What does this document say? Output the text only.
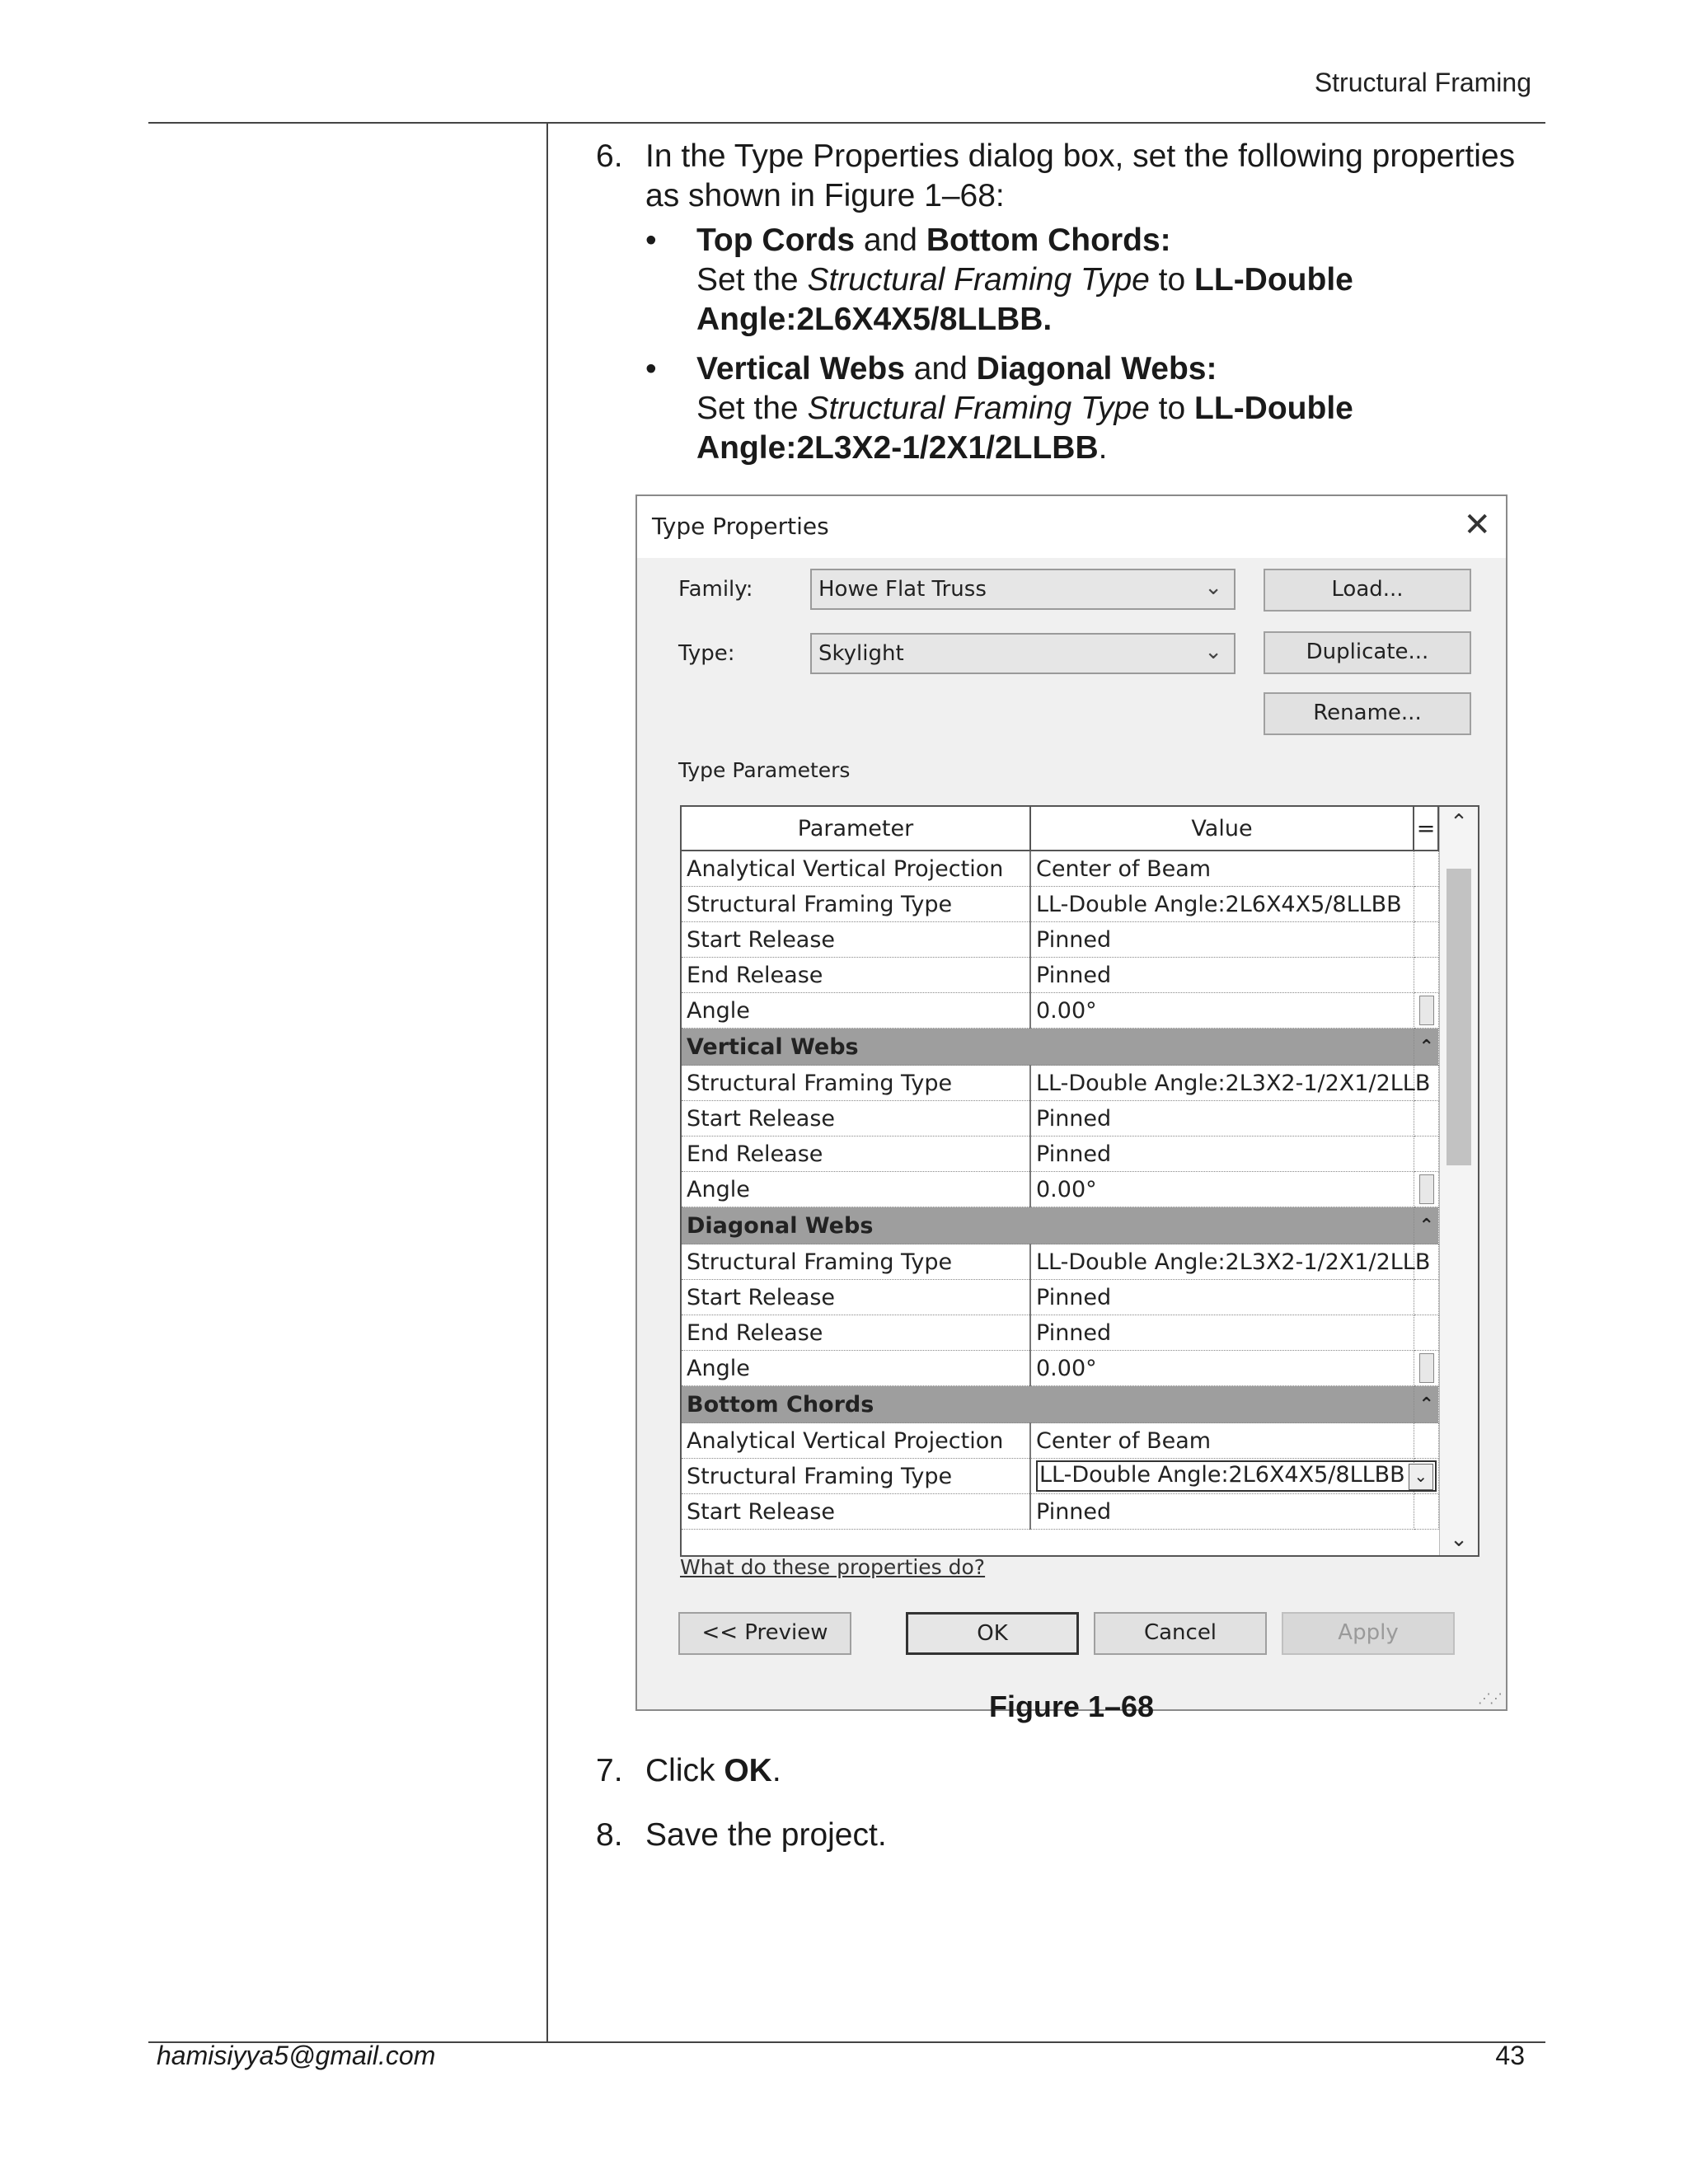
Structural Framing
6. In the Type Properties dialog box, set the following properties as shown in Figure 1–68:
•	Top Cords and Bottom Chords:
Set the Structural Framing Type to LL-Double Angle:2L6X4X5/8LLBB.
•	Vertical Webs and Diagonal Webs:
Set the Structural Framing Type to LL-Double Angle:2L3X2-1/2X1/2LLBB.
Type Properties	✕
Family:	Howe Flat Truss	⌄	Load...
Type:	Skylight	⌄	Duplicate...
Rename...
Type Parameters
Parameter	Value	=
Analytical Vertical Projection	Center of Beam	
Structural Framing Type	LL-Double Angle:2L6X4X5/8LLBB	
Start Release	Pinned	
End Release	Pinned	
Angle	0.00°	
Vertical Webs		⌃
Structural Framing Type	LL-Double Angle:2L3X2-1/2X1/2LLB	
Start Release	Pinned	
End Release	Pinned	
Angle	0.00°	
Diagonal Webs		⌃
Structural Framing Type	LL-Double Angle:2L3X2-1/2X1/2LLB	
Start Release	Pinned	
End Release	Pinned	
Angle	0.00°	
Bottom Chords		⌃
Analytical Vertical Projection	Center of Beam	
Structural Framing Type	LL-Double Angle:2L6X4X5/8LLBB ⌄	
Start Release	Pinned	
⌃
⌄
What do these properties do?
<< Preview	OK	Cancel	Apply
⋰⋰
Figure 1–68
7. Click OK.
8. Save the project.
hamisiyya5@gmail.com	43
